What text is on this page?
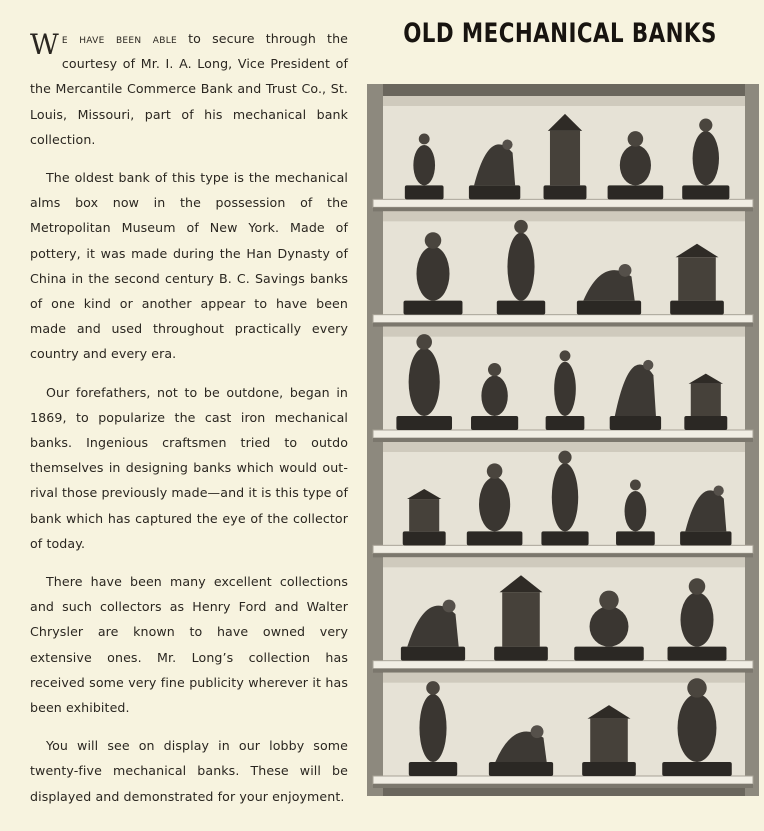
We have been able to secure through the courtesy of Mr. I. A. Long, Vice President of the Mercantile Commerce Bank and Trust Co., St. Louis, Missouri, part of his mechanical bank collection.

The oldest bank of this type is the mechanical alms box now in the possession of the Metropolitan Museum of New York. Made of pottery, it was made during the Han Dynasty of China in the second century B. C. Savings banks of one kind or another appear to have been made and used throughout practically every country and every era.

Our forefathers, not to be outdone, began in 1869, to popularize the cast iron mechanical banks. Ingenious craftsmen tried to outdo themselves in designing banks which would out-rival those previously made—and it is this type of bank which has captured the eye of the collector of today.

There have been many excellent collections and such collectors as Henry Ford and Walter Chrysler are known to have owned very extensive ones. Mr. Long’s collection has received some very fine publicity wherever it has been exhibited.

You will see on display in our lobby some twenty-five mechanical banks. These will be displayed and demonstrated for your enjoyment.

OLD MECHANICAL BANKS
